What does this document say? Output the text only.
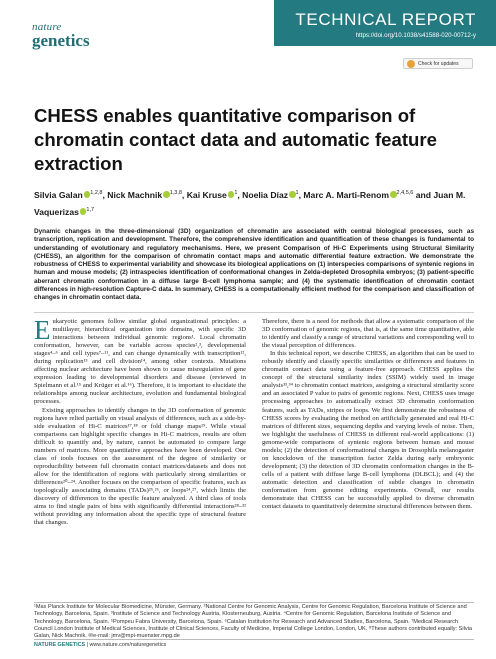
nature
genetics
TECHNICAL REPORT
https://doi.org/10.1038/s41588-020-00712-y
Check for updates
CHESS enables quantitative comparison of chromatin contact data and automatic feature extraction
Silvia Galan $^{1,2,8}$, Nick Machnik $^{1,3,8}$, Kai Kruse $^1$, Noelia Díaz $^1$, Marc A. Marti-Renom $^{2,4,5,6}$ and Juan M. Vaquerizas $^{1,7}$
Dynamic changes in the three-dimensional (3D) organization of chromatin are associated with central biological processes, such as transcription, replication and development. Therefore, the comprehensive identification and quantification of these changes is fundamental to understanding of evolutionary and regulatory mechanisms. Here, we present Comparison of Hi-C Experiments using Structural Similarity (CHESS), an algorithm for the comparison of chromatin contact maps and automatic differential feature extraction. We demonstrate the robustness of CHESS to experimental variability and showcase its biological applications on (1) interspecies comparisons of syntenic regions in human and mouse models; (2) intraspecies identification of conformational changes in Zelda-depleted Drosophila embryos; (3) patient-specific aberrant chromatin conformation in a diffuse large B-cell lymphoma sample; and (4) the systematic identification of chromatin contact differences in high-resolution Capture-C data. In summary, CHESS is a computationally efficient method for the comparison and classification of changes in chromatin contact data.

Eukaryotic genomes follow similar global organizational principles: a multilayer, hierarchical organization into domains, with specific 3D interactions between individual genomic regions¹. Local chromatin conformation, however, can be variable across species²,³, developmental stages⁴–⁶ and cell types⁷–¹¹, and can change dynamically with transcription¹², during replication¹³ and cell division¹⁴, among other contexts. Mutations affecting nuclear architecture have been shown to cause misregulation of gene expression leading to developmental disorders and disease (reviewed in Spielmann et al.¹⁵ and Krüger et al.¹⁶). Therefore, it is important to elucidate the relationships among nuclear architecture, evolution and fundamental biological processes.

Existing approaches to identify changes in the 3D conformation of genomic regions have relied partially on visual analysis of differences, such as a side-by-side evaluation of Hi-C matrices¹⁷,¹⁸ or fold change maps¹⁹. While visual comparisons can highlight specific changes in Hi-C matrices, results are often difficult to quantify and, by nature, cannot be automated to compare large numbers of matrices. More quantitative approaches have been developed. One class of tools focuses on the assessment of the degree of similarity or reproducibility between full chromatin contact matrices/datasets and does not allow for the identification of regions with particularly strong similarities or differences²⁰–²⁴. Another focuses on the comparison of specific features, such as topologically associating domains (TADs)²⁵,²⁶, or loops²⁴,²⁷, which limits the discovery of differences to the specific feature analyzed. A third class of tools aims to find single pairs of bins with significantly differential interactions²⁸–³² without providing any information about the specific type of structural feature that changes.

Therefore, there is a need for methods that allow a systematic comparison of the 3D conformation of genomic regions, that is, at the same time quantitative, able to identify and classify a range of structural variations and corresponding well to the visual perception of differences.

In this technical report, we describe CHESS, an algorithm that can be used to robustly identify and classify specific similarities or differences and features in chromatin contact data using a feature-free approach. CHESS applies the concept of the structural similarity index (SSIM) widely used in image analysis³³,³⁴ to chromatin contact matrices, assigning a structural similarity score and an associated P value to pairs of genomic regions. Next, CHESS uses image processing approaches to automatically extract 3D chromatin conformation features, such as TADs, stripes or loops. We first demonstrate the robustness of CHESS scores by evaluating the method on artificially generated and real Hi-C matrices of different sizes, sequencing depths and varying levels of noise. Then, we highlight the usefulness of CHESS in different real-world applications: (1) genome-wide comparisons of syntenic regions between human and mouse models; (2) the detection of conformational changes in Drosophila melanogaster on knockdown of the transcription factor Zelda during early embryonic development; (3) the detection of 3D chromatin conformation changes in the B-cells of a patient with diffuse large B-cell lymphoma (DLBCL); and (4) the automatic detection and classification of subtle changes in chromatin conformation from genome editing experiments. Overall, our results demonstrate that CHESS can be successfully applied to diverse chromatin contact datasets to quantitatively determine structural differences between them.

¹Max Planck Institute for Molecular Biomedicine, Münster, Germany. ²National Centre for Genomic Analysis, Centre for Genomic Regulation, Barcelona Institute of Science and Technology, Barcelona, Spain. ³Institute of Science and Technology Austria, Klosterneuburg, Austria. ⁴Centre for Genomic Regulation, Barcelona Institute of Science and Technology, Barcelona, Spain. ⁵Pompeu Fabra University, Barcelona, Spain. ⁶Catalan Institution for Research and Advanced Studies, Barcelona, Spain. ⁷Medical Research Council London Institute of Medical Sciences, Institute of Clinical Sciences, Faculty of Medicine, Imperial College London, London, UK. ⁸These authors contributed equally: Silvia Galan, Nick Machnik. ✉e-mail: jmv@mpi-muenster.mpg.de
NATURE GENETICS | www.nature.com/naturegenetics
